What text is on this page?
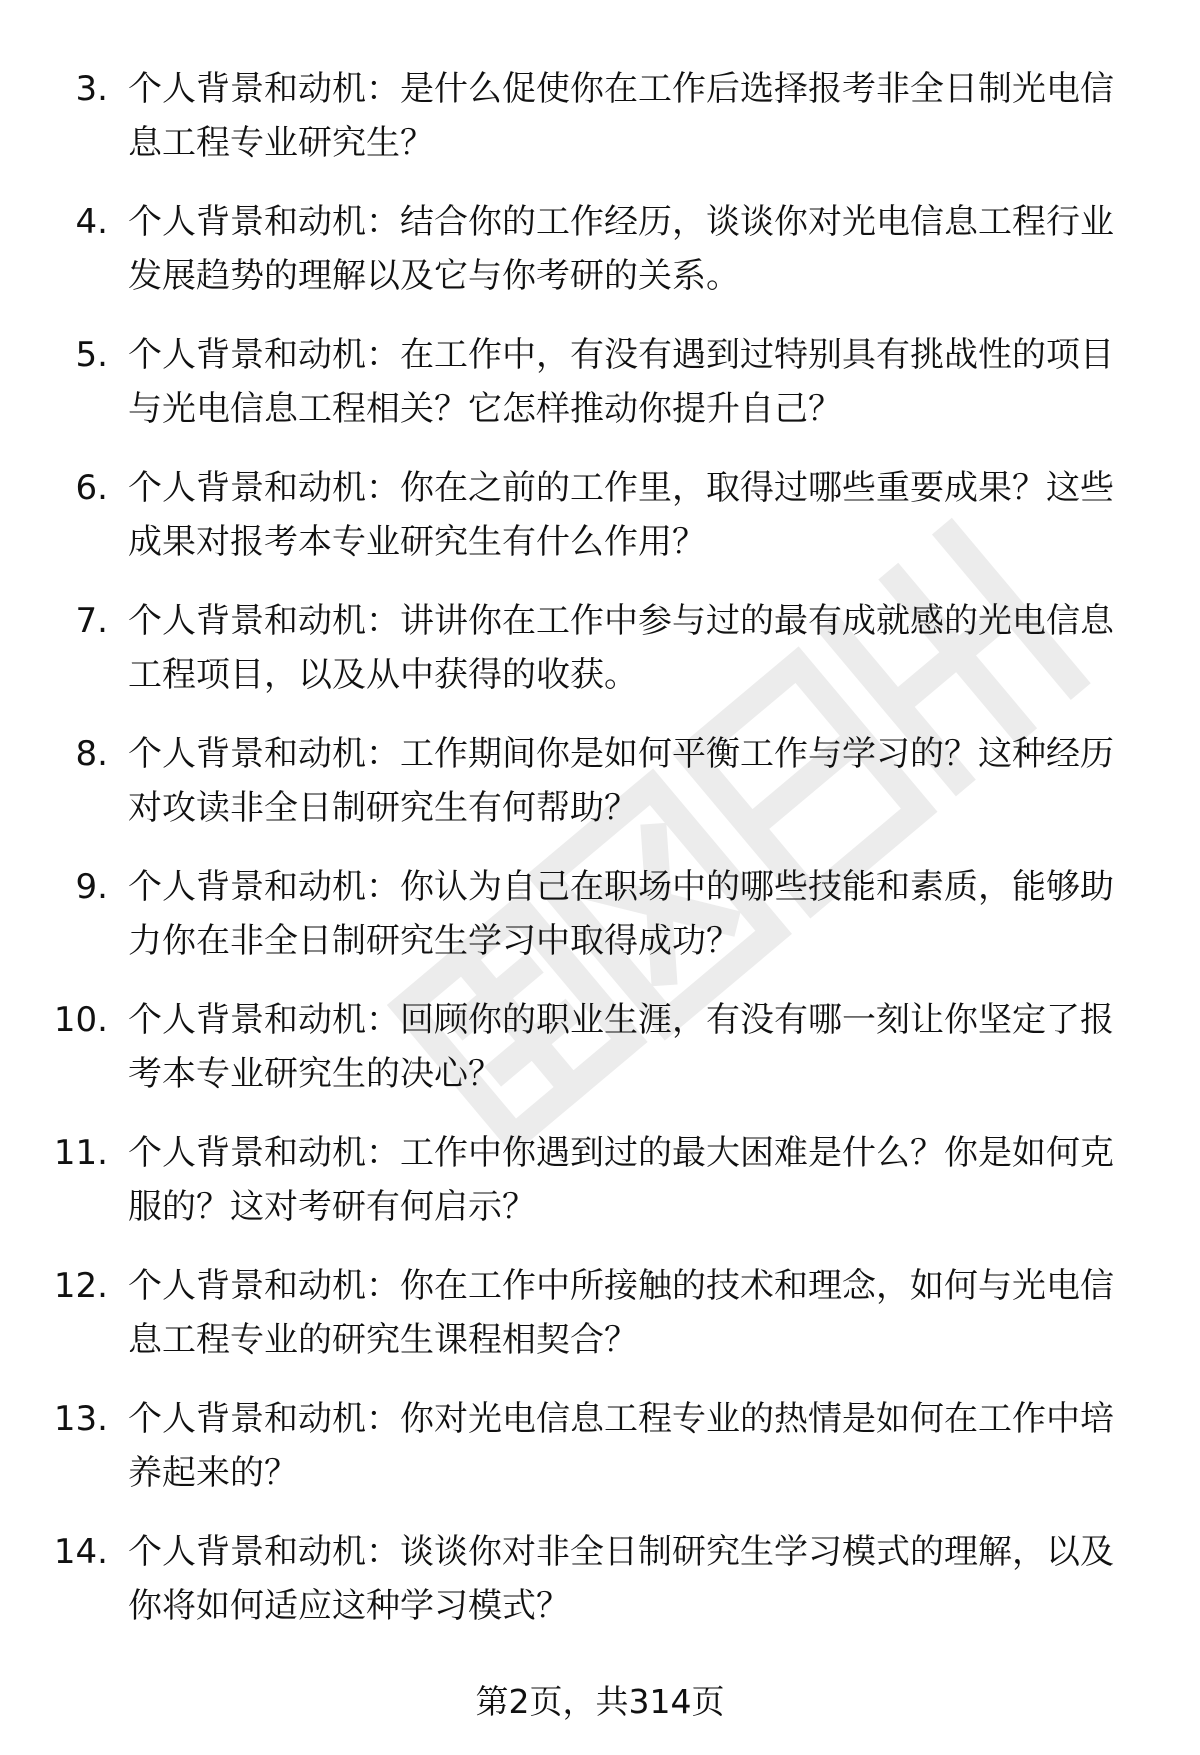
3. 个人背景和动机：是什么促使你在工作后选择报考非全日制光电信息工程专业研究生？
4. 个人背景和动机：结合你的工作经历，谈谈你对光电信息工程行业发展趋势的理解以及它与你考研的关系。
5. 个人背景和动机：在工作中，有没有遇到过特别具有挑战性的项目与光电信息工程相关？它怎样推动你提升自己？
6. 个人背景和动机：你在之前的工作里，取得过哪些重要成果？这些成果对报考本专业研究生有什么作用？
7. 个人背景和动机：讲讲你在工作中参与过的最有成就感的光电信息工程项目，以及从中获得的收获。
8. 个人背景和动机：工作期间你是如何平衡工作与学习的？这种经历对攻读非全日制研究生有何帮助？
9. 个人背景和动机：你认为自己在职场中的哪些技能和素质，能够助力你在非全日制研究生学习中取得成功？
10. 个人背景和动机：回顾你的职业生涯，有没有哪一刻让你坚定了报考本专业研究生的决心？
11. 个人背景和动机：工作中你遇到过的最大困难是什么？你是如何克服的？这对考研有何启示？
12. 个人背景和动机：你在工作中所接触的技术和理念，如何与光电信息工程专业的研究生课程相契合？
13. 个人背景和动机：你对光电信息工程专业的热情是如何在工作中培养起来的？
14. 个人背景和动机：谈谈你对非全日制研究生学习模式的理解，以及你将如何适应这种学习模式？
第2页，共314页
